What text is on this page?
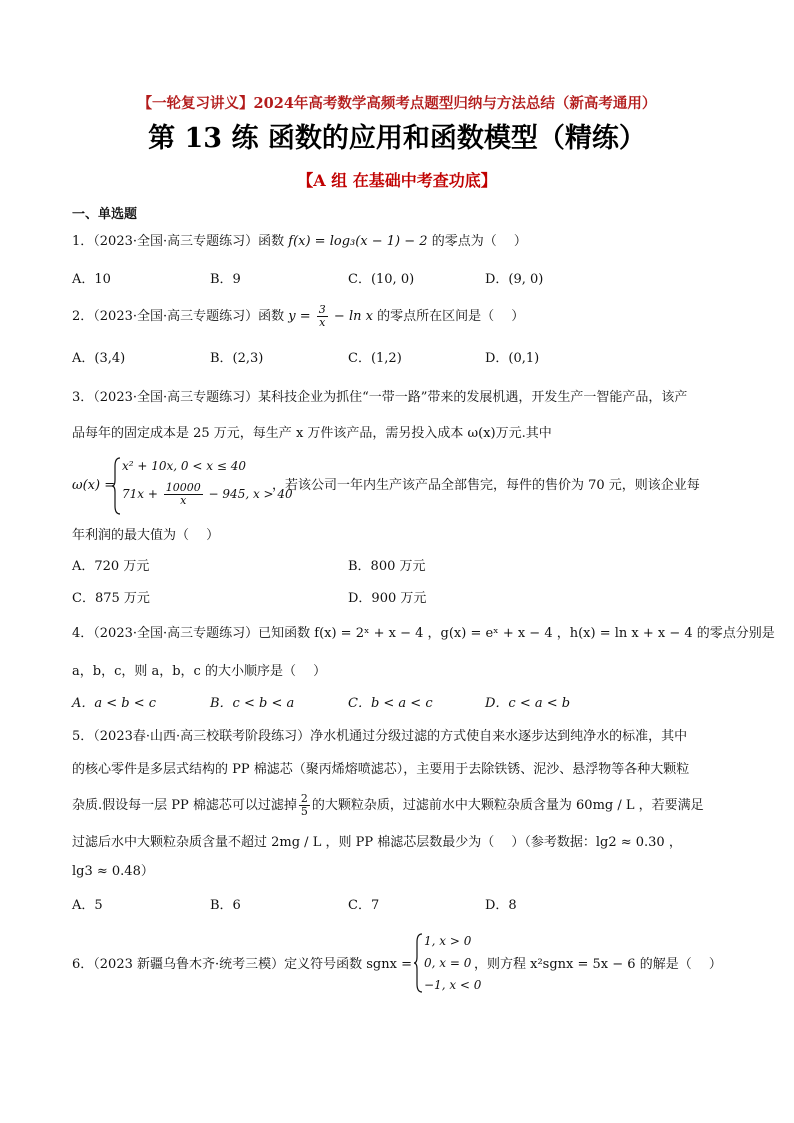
【一轮复习讲义】2024年高考数学高频考点题型归纳与方法总结（新高考通用）
第 13 练 函数的应用和函数模型（精练）
【A 组 在基础中考查功底】
一、单选题
1．（2023·全国·高三专题练习）函数 f(x) = log₃(x − 1) − 2 的零点为（　 ）
A．10	B．9	C．(10, 0)	D．(9, 0)
2．（2023·全国·高三专题练习）函数 $y = \frac{3}{x} - \ln x$ 的零点所在区间是（　 ）
A．(3,4)	B．(2,3)	C．(1,2)	D．(0,1)
3．（2023·全国·高三专题练习）某科技企业为抓住“一带一路”带来的发展机遇，开发生产一智能产品，该产
品每年的固定成本是 25 万元，每生产 x 万件该产品，需另投入成本 ω(x)万元.其中
ω(x) =
x² + 10x, 0 < x ≤ 40
$71x + \frac{10000}{x} - 945$, x > 40
，若该公司一年内生产该产品全部售完，每件的售价为 70 元，则该企业每
年利润的最大值为（　 ）
A．720 万元	B．800 万元
C．875 万元	D．900 万元
4．（2023·全国·高三专题练习）已知函数 f(x) = 2ˣ + x − 4 ，g(x) = eˣ + x − 4 ，h(x) = ln x + x − 4 的零点分别是
a，b，c，则 a，b，c 的大小顺序是（　 ）
A．a < b < c	B．c < b < a	C．b < a < c	D．c < a < b
5．（2023春·山西·高三校联考阶段练习）净水机通过分级过滤的方式使自来水逐步达到纯净水的标准，其中
的核心零件是多层式结构的 PP 棉滤芯（聚丙烯熔喷滤芯），主要用于去除铁锈、泥沙、悬浮物等各种大颗粒
杂质.假设每一层 PP 棉滤芯可以过滤掉 $\frac{2}{5}$ 的大颗粒杂质，过滤前水中大颗粒杂质含量为 60mg / L ，若要满足
过滤后水中大颗粒杂质含量不超过 2mg / L ，则 PP 棉滤芯层数最少为（　 ）（参考数据：lg2 ≈ 0.30 ，
lg3 ≈ 0.48）
A．5	B．6	C．7	D．8
6．（2023 新疆乌鲁木齐·统考三模）定义符号函数 sgnx =
1, x > 0
0, x = 0
−1, x < 0
，则方程 x²sgnx = 5x − 6 的解是（　 ）
